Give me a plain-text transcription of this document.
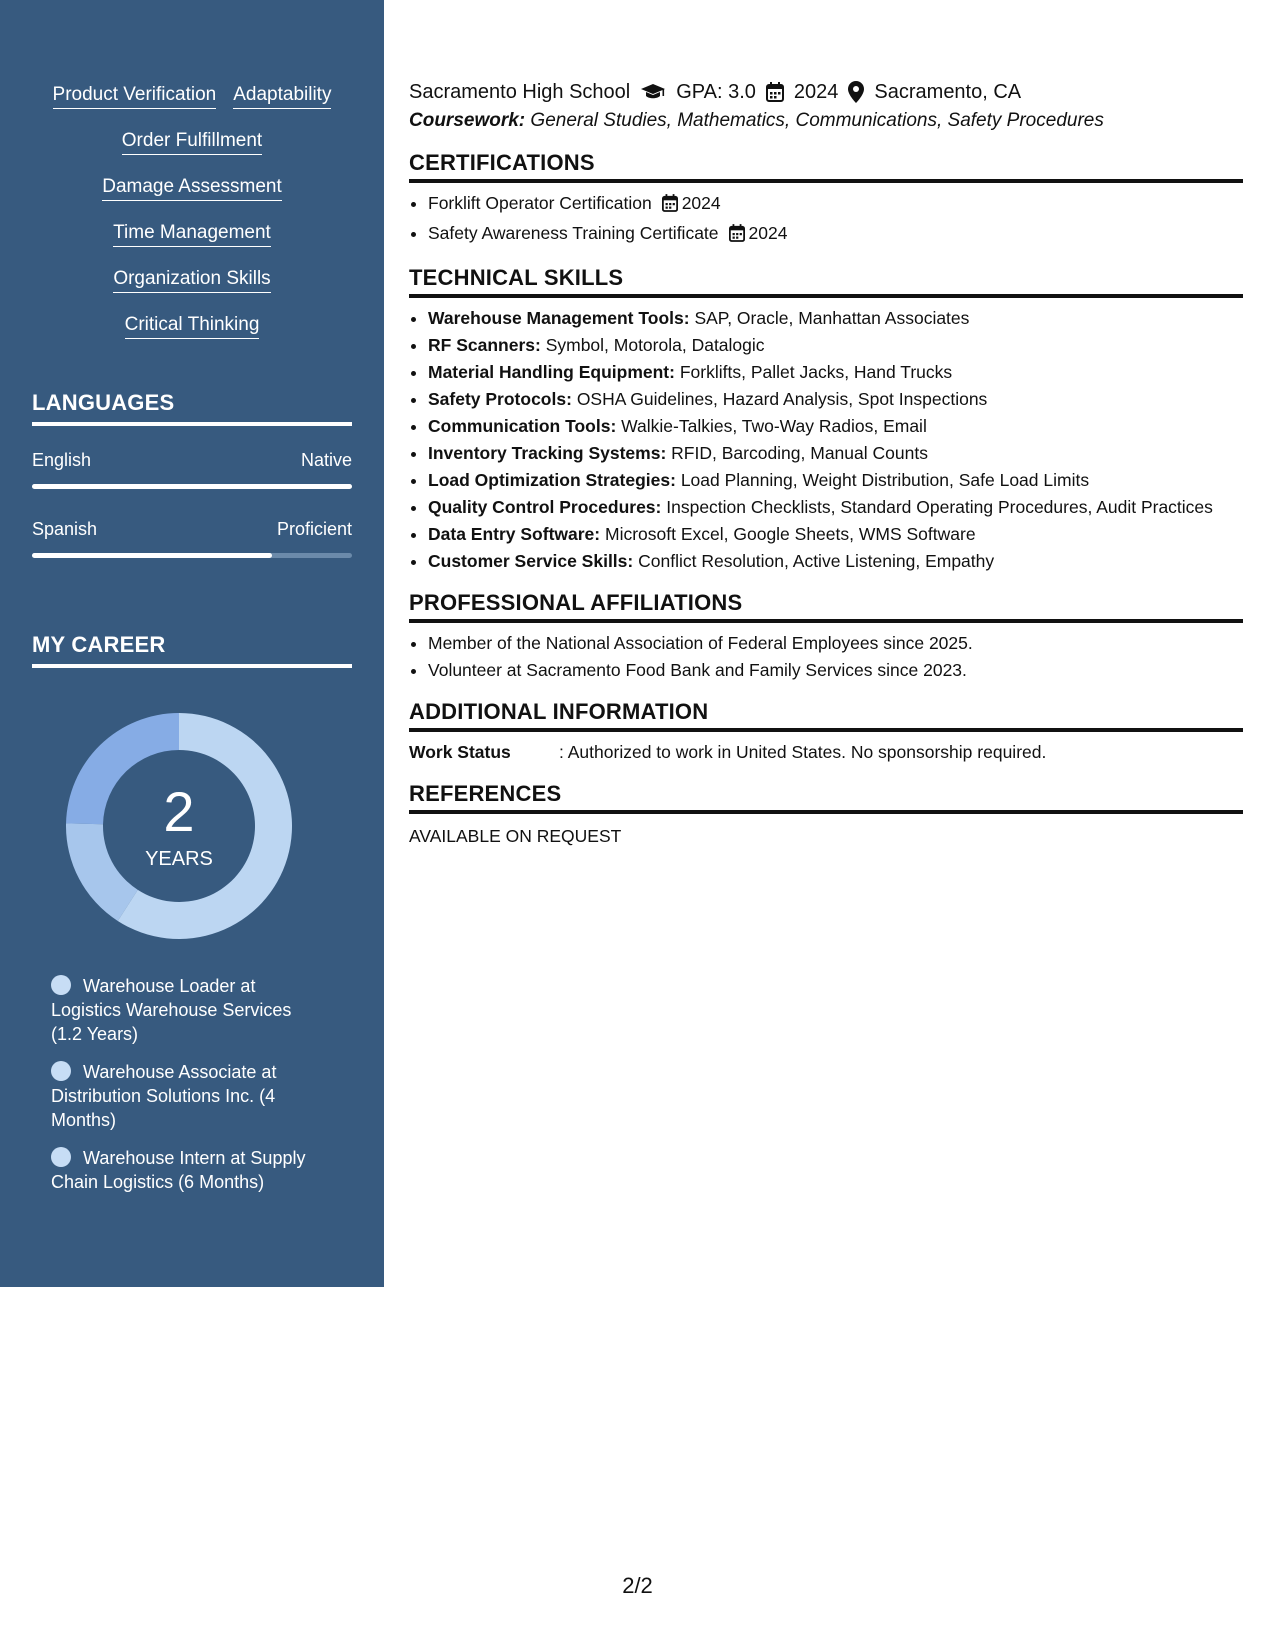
Product Verification Adaptability
Order Fulfillment
Damage Assessment
Time Management
Organization Skills
Critical Thinking
LANGUAGES
English	Native
Spanish	Proficient
MY CAREER
2
YEARS
Warehouse Loader at Logistics Warehouse Services (1.2 Years)
Warehouse Associate at Distribution Solutions Inc. (4 Months)
Warehouse Intern at Supply Chain Logistics (6 Months)
Sacramento High School GPA: 3.0 2024 Sacramento, CA
Coursework: General Studies, Mathematics, Communications, Safety Procedures
CERTIFICATIONS
• Forklift Operator Certification 2024
• Safety Awareness Training Certificate 2024
TECHNICAL SKILLS
• Warehouse Management Tools: SAP, Oracle, Manhattan Associates
• RF Scanners: Symbol, Motorola, Datalogic
• Material Handling Equipment: Forklifts, Pallet Jacks, Hand Trucks
• Safety Protocols: OSHA Guidelines, Hazard Analysis, Spot Inspections
• Communication Tools: Walkie-Talkies, Two-Way Radios, Email
• Inventory Tracking Systems: RFID, Barcoding, Manual Counts
• Load Optimization Strategies: Load Planning, Weight Distribution, Safe Load Limits
• Quality Control Procedures: Inspection Checklists, Standard Operating Procedures, Audit Practices
• Data Entry Software: Microsoft Excel, Google Sheets, WMS Software
• Customer Service Skills: Conflict Resolution, Active Listening, Empathy
PROFESSIONAL AFFILIATIONS
• Member of the National Association of Federal Employees since 2025.
• Volunteer at Sacramento Food Bank and Family Services since 2023.
ADDITIONAL INFORMATION
Work Status	: Authorized to work in United States. No sponsorship required.
REFERENCES
AVAILABLE ON REQUEST
2/2
